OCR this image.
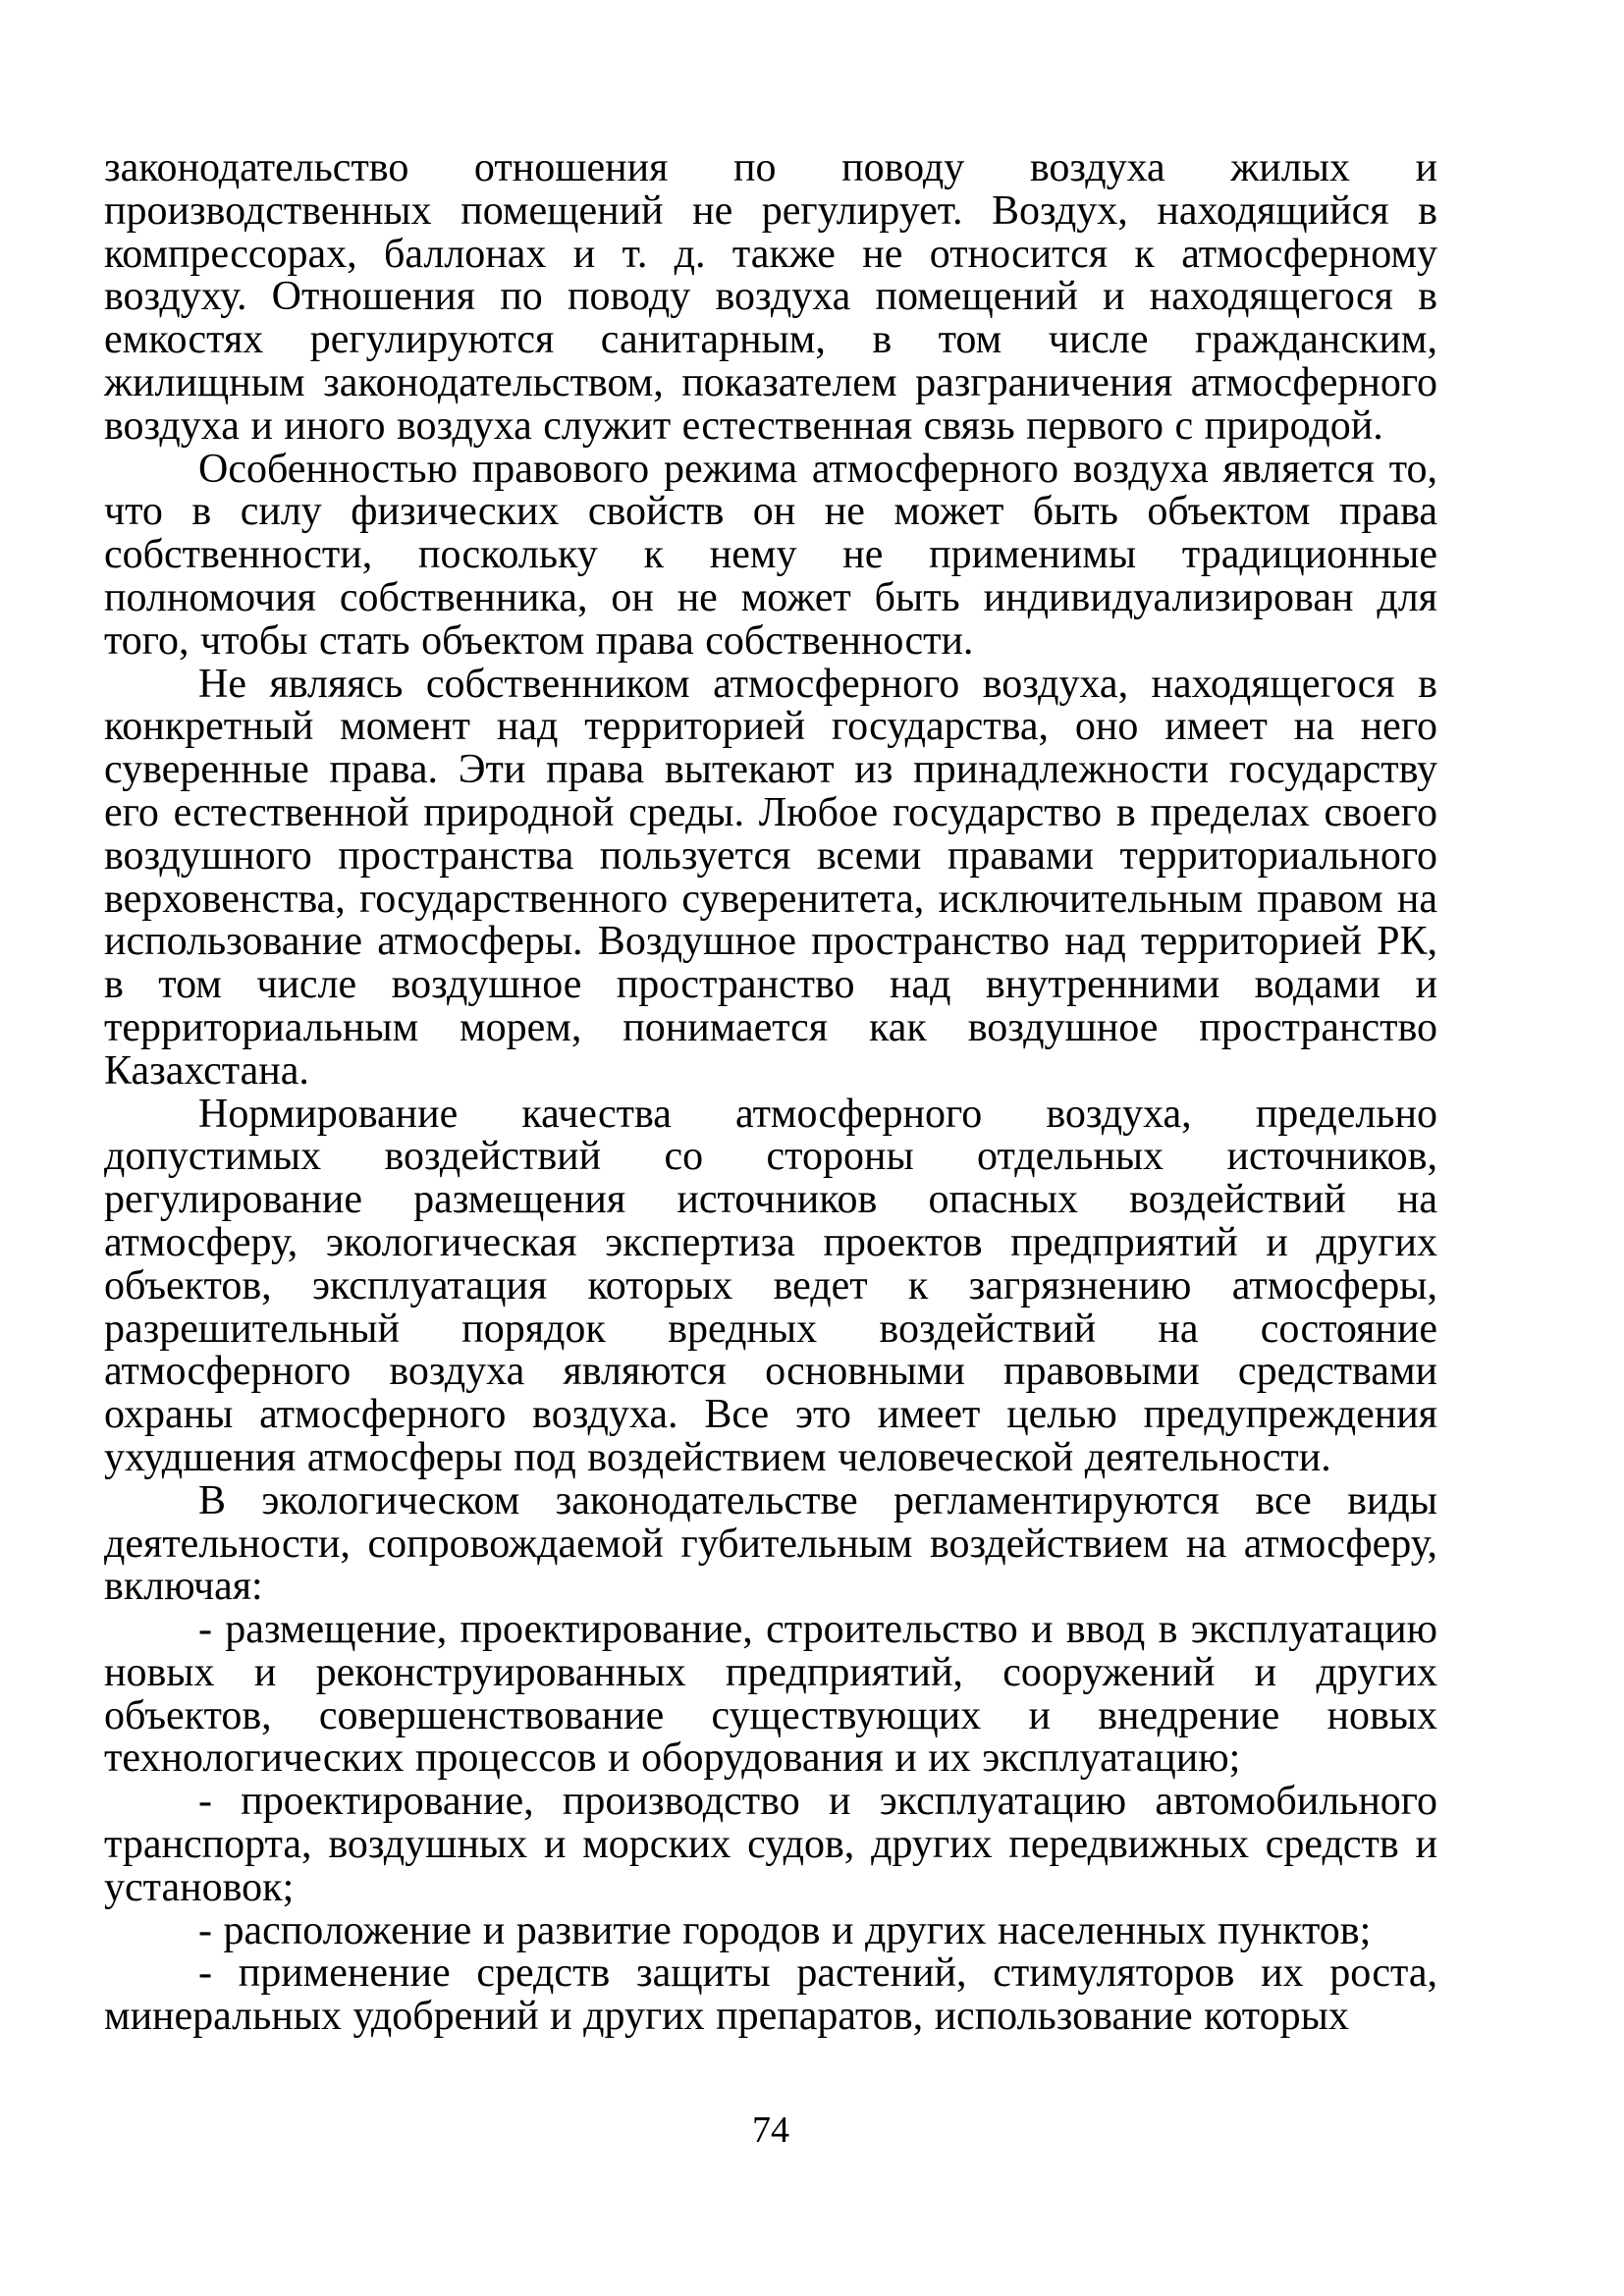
законодательство отношения по поводу воздуха жилых и производственных помещений не регулирует. Воздух, находящийся в компрессорах, баллонах и т. д. также не относится к атмосферному воздуху. Отношения по поводу воздуха помещений и находящегося в емкостях регулируются санитарным, в том числе гражданским, жилищным законодательством, показателем разграничения атмосферного воздуха и иного воздуха служит естественная связь первого с природой.

Особенностью правового режима атмосферного воздуха является то, что в силу физических свойств он не может быть объектом права собственности, поскольку к нему не применимы традиционные полномочия собственника, он не может быть индивидуализирован для того, чтобы стать объектом права собственности.

Не являясь собственником атмосферного воздуха, находящегося в конкретный момент над территорией государства, оно имеет на него суверенные права. Эти права вытекают из принадлежности государству его естественной природной среды. Любое государство в пределах своего воздушного пространства пользуется всеми правами территориального верховенства, государственного суверенитета, исключительным правом на использование атмосферы. Воздушное пространство над территорией РК, в том числе воздушное пространство над внутренними водами и территориальным морем, понимается как воздушное пространство Казахстана.

Нормирование качества атмосферного воздуха, предельно допустимых воздействий со стороны отдельных источников, регулирование размещения источников опасных воздействий на атмосферу, экологическая экспертиза проектов предприятий и других объектов, эксплуатация которых ведет к загрязнению атмосферы, разрешительный порядок вредных воздействий на состояние атмосферного воздуха являются основными правовыми средствами охраны атмосферного воздуха. Все это имеет целью предупреждения ухудшения атмосферы под воздействием человеческой деятельности.

В экологическом законодательстве регламентируются все виды деятельности, сопровождаемой губительным воздействием на атмосферу, включая:

- размещение, проектирование, строительство и ввод в эксплуатацию новых и реконструированных предприятий, сооружений и других объектов, совершенствование существующих и внедрение новых технологических процессов и оборудования и их эксплуатацию;

- проектирование, производство и эксплуатацию автомобильного транспорта, воздушных и морских судов, других передвижных средств и установок;

- расположение и развитие городов и других населенных пунктов;

- применение средств защиты растений, стимуляторов их роста, минеральных удобрений и других препаратов, использование которых

74
